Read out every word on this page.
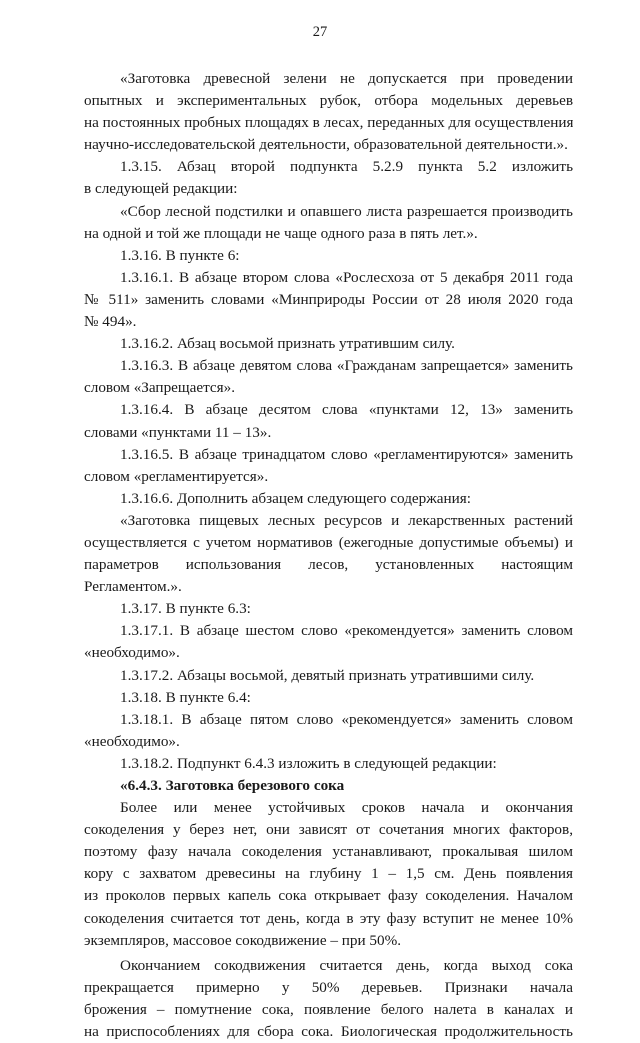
27
«Заготовка древесной зелени не допускается при проведении
опытных и экспериментальных рубок, отбора модельных деревьев
на постоянных пробных площадях в лесах, переданных для осуществления
научно-исследовательской деятельности, образовательной деятельности.».
1.3.15. Абзац второй подпункта 5.2.9 пункта 5.2 изложить
в следующей редакции:
«Сбор лесной подстилки и опавшего листа разрешается производить
на одной и той же площади не чаще одного раза в пять лет.».
1.3.16. В пункте 6:
1.3.16.1. В абзаце втором слова «Рослесхоза от 5 декабря 2011 года
№ 511» заменить словами «Минприроды России от 28 июля 2020 года
№ 494».
1.3.16.2. Абзац восьмой признать утратившим силу.
1.3.16.3. В абзаце девятом слова «Гражданам запрещается» заменить
словом «Запрещается».
1.3.16.4. В абзаце десятом слова «пунктами 12, 13» заменить
словами «пунктами 11 – 13».
1.3.16.5. В абзаце тринадцатом слово «регламентируются» заменить
словом «регламентируется».
1.3.16.6. Дополнить абзацем следующего содержания:
«Заготовка пищевых лесных ресурсов и лекарственных растений
осуществляется с учетом нормативов (ежегодные допустимые объемы) и
параметров использования лесов, установленных настоящим
Регламентом.».
1.3.17. В пункте 6.3:
1.3.17.1. В абзаце шестом слово «рекомендуется» заменить словом
«необходимо».
1.3.17.2. Абзацы восьмой, девятый признать утратившими силу.
1.3.18. В пункте 6.4:
1.3.18.1. В абзаце пятом слово «рекомендуется» заменить словом
«необходимо».
1.3.18.2. Подпункт 6.4.3 изложить в следующей редакции:
«6.4.3. Заготовка березового сока
Более или менее устойчивых сроков начала и окончания
сокоделения у берез нет, они зависят от сочетания многих факторов,
поэтому фазу начала сокоделения устанавливают, прокалывая шилом
кору с захватом древесины на глубину 1 – 1,5 см. День появления
из проколов первых капель сока открывает фазу сокоделения. Началом
сокоделения считается тот день, когда в эту фазу вступит не менее 10%
экземпляров, массовое сокодвижение – при 50%.
Окончанием сокодвижения считается день, когда выход сока
прекращается примерно у 50% деревьев. Признаки начала
брожения – помутнение сока, появление белого налета в каналах и
на приспособлениях для сбора сока. Биологическая продолжительность
